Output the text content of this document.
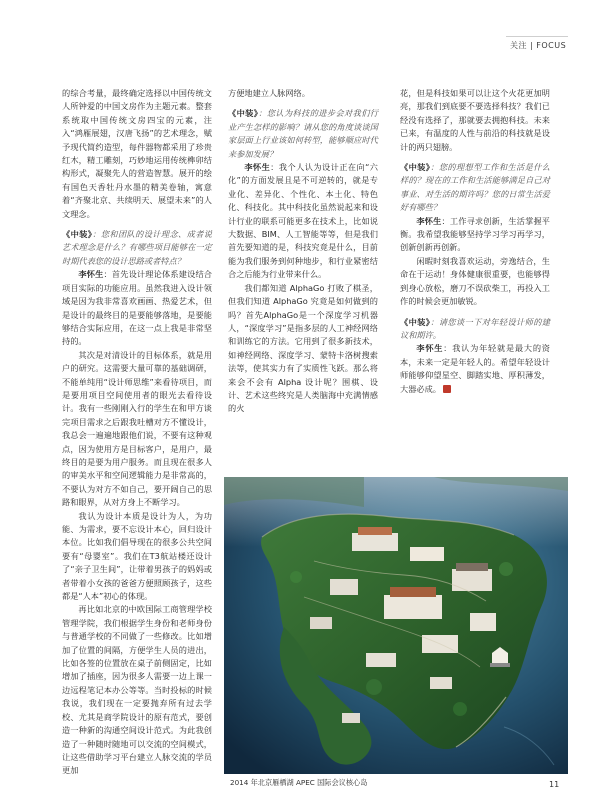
关注 | FOCUS

的综合考量，最终确定选择以中国传统文人所钟爱的中国文房作为主题元素。整套系统取中国传统文房四宝的元素，注入“鸿雁展翅，汉唐飞扬”的艺术理念，赋予现代简约造型，每件器物都采用了珍贵红木，精工雕刻，巧妙地运用传统榫卯结构形式，凝聚先人的营造智慧。展开的绘有国色天香牡丹水墨的精美卷轴，寓意着“齐聚北京、共续明天、展望未来”的人文理念。

《中装》：您和团队的设计理念、成者说艺术理念是什么？有哪些项目能够在一定时期代表您的设计思路或者特点？

李怀生：首先设计理论体系建设结合项目实际的功能应用。虽然我进入设计领域是因为我非常喜欢画画、热爱艺术，但是设计的最终目的是要能够落地，是要能够结合实际应用，在这一点上我是非常坚持的。

其次是对清设计的目标体系，就是用户的研究。这需要大量可靠的基础调研，不能单纯用“设计师思维”来看待项目，而是要用项目空间使用者的眼光去看待设计。我有一些刚刚入行的学生在和甲方谈完项目需求之后跟我吐槽对方不懂设计，我总会一遍遍地跟他们说，不要有这种观点，因为使用方是目标客户，是用户，最终目的是要为用户服务。而且现在很多人的审美水平和空间逻辑能力是非常高的，不要认为对方不如自己，要开阔自己的思路和眼界，从对方身上不断学习。

我认为设计本质是设计为人，为功能、为需求，要不忘设计本心，回归设计本位。比如我们倡导现在的很多公共空间要有“母婴室”。我们在T3航站楼还设计了“亲子卫生间”，让带着男孩子的妈妈或者带着小女孩的爸爸方便照顾孩子，这些都是“人本”初心的体现。

再比如北京的中欧国际工商管理学校管理学院，我们根据学生身份和老师身份与普通学校的不同做了一些修改。比如增加了位置的间隔，方便学生人员的进出，比如各签的位置放在桌子前侧固定，比如增加了插座，因为很多人需要一边上课一边远程笔记本办公等等。当时投标的时候我说，我们现在一定要抛弃所有过去学校、尤其是商学院设计的原有范式，要创造一种新的沟通空间设计范式。为此我创造了一种随时随地可以交流的空间模式，让这些借助学习平台建立人脉交流的学员更加

方便地建立人脉网络。

《中装》：您认为科技的进步会对我们行业产生怎样的影响？请从您的角度谈谈国家层面上行业该如何转型，能够顺应时代来参加发展？

李怀生：我个人认为设计正在向“六化”的方面发展且是不可逆转的，就是专业化、差异化、个性化、本土化、特色化、科技化。其中科技化虽然说起来和设计行业的联系可能更多在技术上，比如说大数据、BIM、人工智能等等，但是我们首先要知道的是，科技究竟是什么，目前能为我们服务到何种地步，和行业紧密结合之后能为行业带来什么。

我们都知道 AlphaGo 打败了棋圣，但我们知道 AlphaGo 究竟是如何做到的吗？首先AlphaGo是一个深度学习机器人，“深度学习”是指多层的人工神经网络和训练它的方法。它用到了很多新技术，如神经网络、深度学习、蒙特卡洛树搜索法等，使其实力有了实质性飞跃。那么将来会不会有 Alpha 设计呢？围棋、设计、艺术这些终究是人类脑海中充满情感的火

花，但是科技如果可以让这个火花更加明亮，那我们到底要不要选择科技？我们已经没有选择了，那就要去拥抱科技。未来已来，有温度的人性与前沿的科技就是设计的两只翅膀。

《中装》：您的理想型工作和生活是什么样的？现在的工作和生活能够满足自己对事业、对生活的期许吗？您的日常生活爱好有哪些？

李怀生：工作寻求创新，生活掌握平衡。我希望我能够坚持学习学习再学习，创新创新再创新。

闲暇时刻我喜欢运动，旁逸结合，生命在于运动！身体健康很重要，也能够得到身心放松，磨刀不误砍柴工，再投入工作的时候会更加敏锐。

《中装》：请您谈一下对年轻设计师的建议和期许。

李怀生：我认为年轻就是最大的资本，未来一定是年轻人的。希望年轻设计师能够仰望星空、脚踏实地、厚积薄发，大器必成。

2014 年北京雁栖湖 APEC 国际会议核心岛	11
